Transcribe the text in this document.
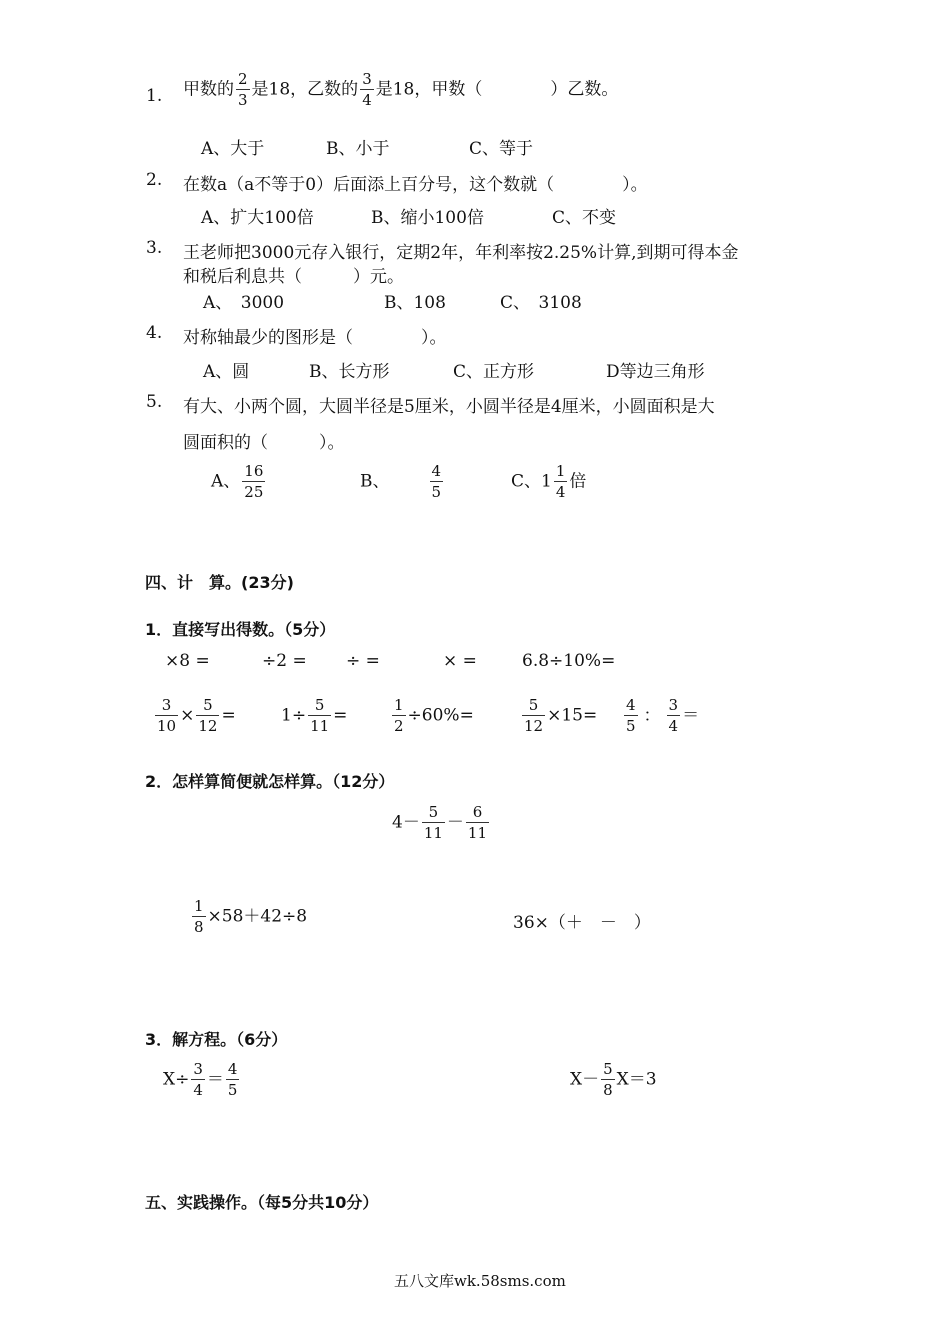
1. 甲数的 $\frac{2}{3}$ 是18，乙数的 $\frac{3}{4}$ 是18，甲数（　　　　）乙数。
A、大于	B、小于	C、等于
2. 在数a（a不等于0）后面添上百分号，这个数就（　　　　）。
A、扩大100倍	B、缩小100倍	C、不变
3. 王老师把3000元存入银行，定期2年，年利率按2.25%计算,到期可得本金
和税后利息共（　　　）元。
A、　3000	B、108	C、　3108
4. 对称轴最少的图形是（　　　　）。
A、圆	B、长方形	C、正方形	D等边三角形
5. 有大、小两个圆，大圆半径是5厘米，小圆半径是4厘米，小圆面积是大
圆面积的（　　　）。
A、 $\frac{16}{25}$	B、	$\frac{4}{5}$	C、$1 \frac{1}{4}$ 倍
四、计　算。(23分)
1．直接写出得数。（5分）
×8 =	÷2 = ÷ =	× =	6.8÷10%=
$\frac{3}{10} \times \frac{5}{12}$ =	$1\div \frac{5}{11}$ =	$\frac{1}{2} \div 60\%=$	$\frac{5}{12} \times 15= \frac{4}{5}$ ： $\frac{3}{4}$ ＝
2．怎样算简便就怎样算。（12分）
$4- \frac{5}{11} - \frac{6}{11}$
$\frac{1}{8} \times 58+42\div 8$	36×（＋　－　）
3．解方程。（6分）
$X\div \frac{3}{4} = \frac{4}{5}$	$X- \frac{5}{8} X=3$
五、实践操作。（每5分共10分）
五八文库wk.58sms.com
